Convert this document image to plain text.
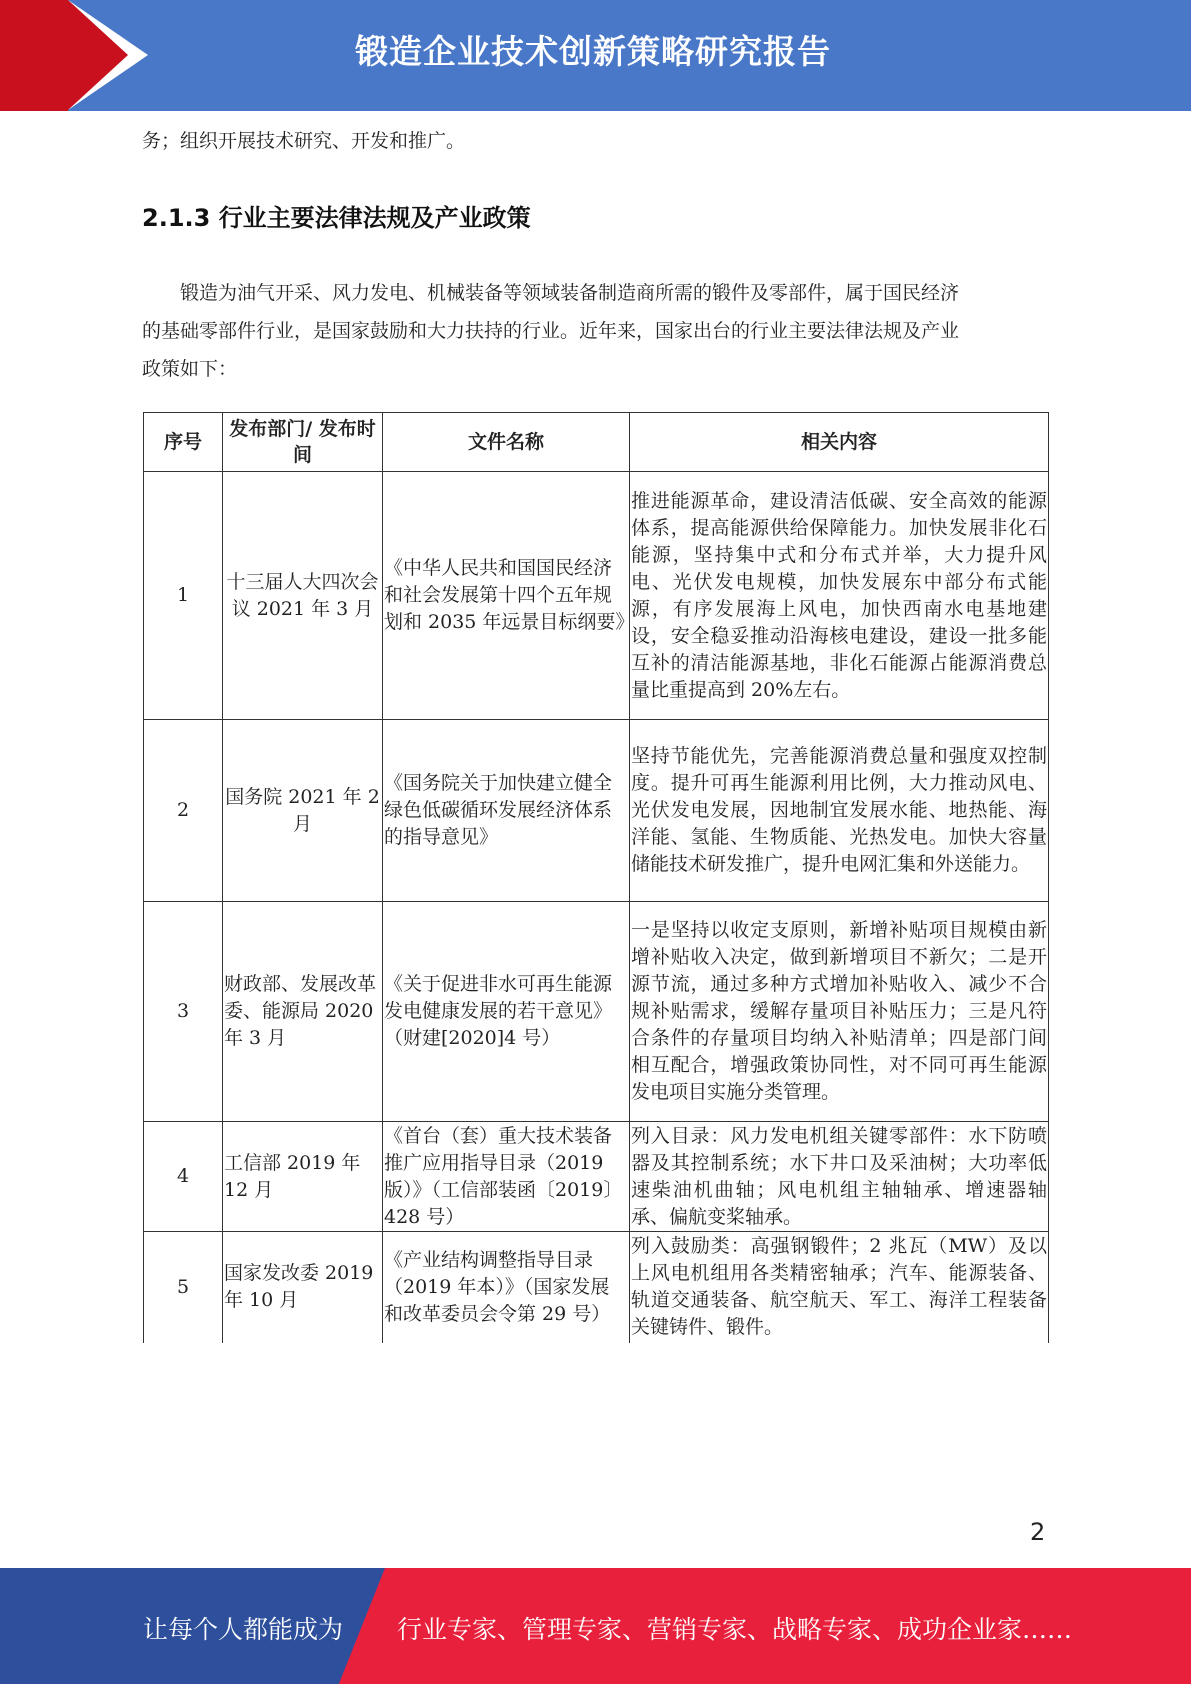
锻造企业技术创新策略研究报告
务；组织开展技术研究、开发和推广。
2.1.3 行业主要法律法规及产业政策
　　锻造为油气开采、风力发电、机械装备等领域装备制造商所需的锻件及零部件，属于国民经济
的基础零部件行业，是国家鼓励和大力扶持的行业。近年来，国家出台的行业主要法律法规及产业
政策如下：
序号	发布部门/ 发布时间	文件名称	相关内容
1	十三届人大四次会议 2021 年 3 月	《中华人民共和国国民经济和社会发展第十四个五年规划和 2035 年远景目标纲要》	推进能源革命，建设清洁低碳、安全高效的能源体系，提高能源供给保障能力。加快发展非化石能源，坚持集中式和分布式并举，大力提升风电、光伏发电规模，加快发展东中部分布式能源，有序发展海上风电，加快西南水电基地建设，安全稳妥推动沿海核电建设，建设一批多能互补的清洁能源基地，非化石能源占能源消费总量比重提高到 20%左右。
2	国务院 2021 年 2 月	《国务院关于加快建立健全绿色低碳循环发展经济体系的指导意见》	坚持节能优先，完善能源消费总量和强度双控制度。提升可再生能源利用比例，大力推动风电、光伏发电发展，因地制宜发展水能、地热能、海洋能、氢能、生物质能、光热发电。加快大容量储能技术研发推广，提升电网汇集和外送能力。
3	财政部、发展改革委、能源局 2020 年 3 月	《关于促进非水可再生能源发电健康发展的若干意见》 （财建[2020]4 号）	一是坚持以收定支原则，新增补贴项目规模由新增补贴收入决定，做到新增项目不新欠；二是开源节流，通过多种方式增加补贴收入、减少不合规补贴需求，缓解存量项目补贴压力；三是凡符合条件的存量项目均纳入补贴清单；四是部门间相互配合，增强政策协同性，对不同可再生能源发电项目实施分类管理。
4	工信部 2019 年 12 月	《首台（套）重大技术装备推广应用指导目录（2019 版）》（工信部装函〔2019〕 428 号）	列入目录：风力发电机组关键零部件：水下防喷器及其控制系统；水下井口及采油树；大功率低速柴油机曲轴；风电机组主轴轴承、增速器轴承、偏航变桨轴承。
5	国家发改委 2019 年 10 月	《产业结构调整指导目录（2019 年本）》（国家发展和改革委员会令第 29 号）	列入鼓励类：高强钢锻件；2 兆瓦（MW）及以上风电机组用各类精密轴承；汽车、能源装备、轨道交通装备、航空航天、军工、海洋工程装备关键铸件、锻件。
2
让每个人都能成为 行业专家、管理专家、营销专家、战略专家、成功企业家……
